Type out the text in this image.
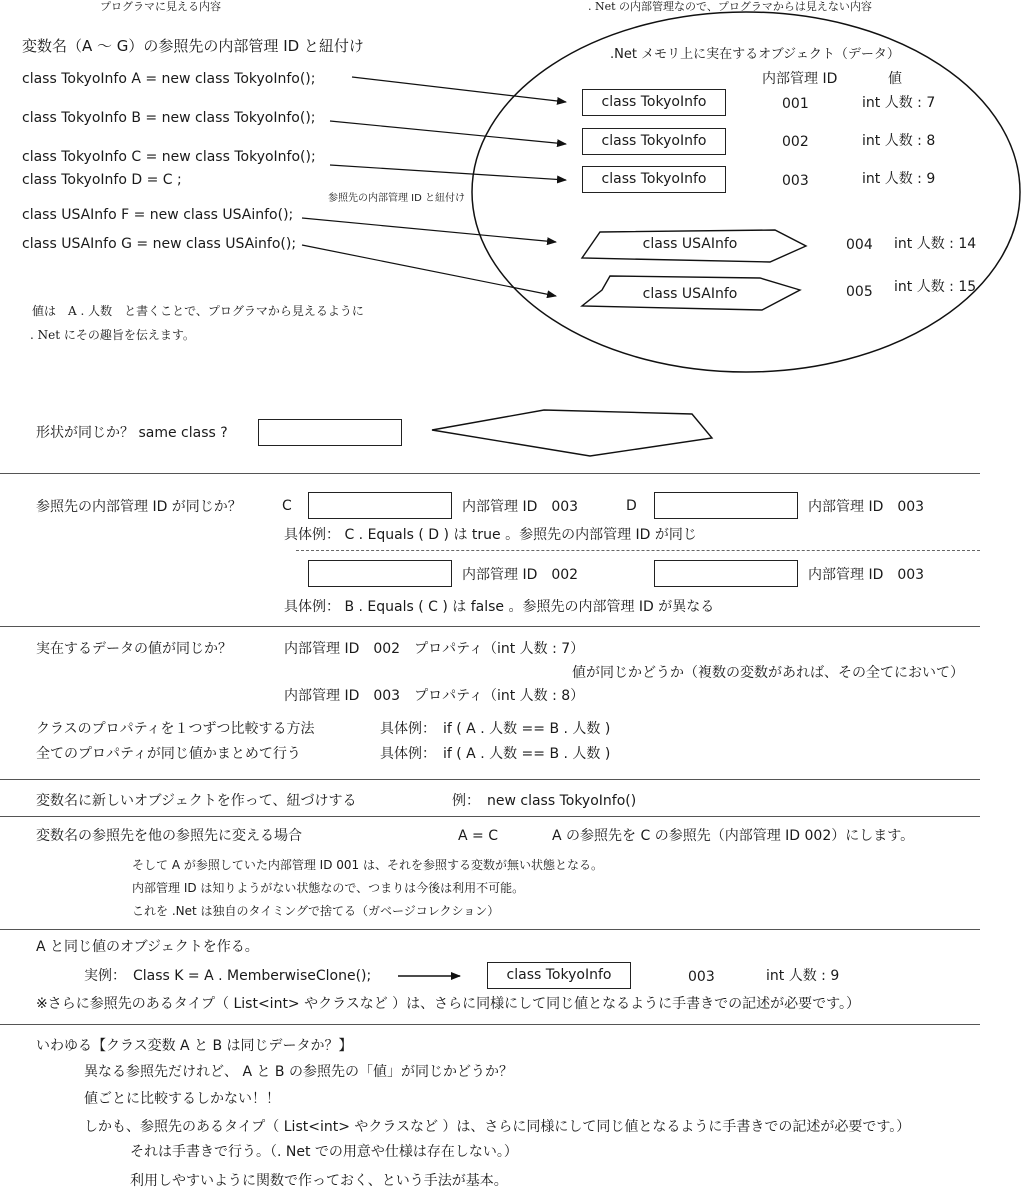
プログラマに見える内容	. Net の内部管理なので、プログラマからは見えない内容
変数名（A ～ G）の参照先の内部管理 ID と紐付け
class TokyoInfo A = new class TokyoInfo();
class TokyoInfo B = new class TokyoInfo();
class TokyoInfo C = new class TokyoInfo();
class TokyoInfo D = C ;
参照先の内部管理 ID と紐付け
class USAInfo F = new class USAinfo();
class USAInfo G = new class USAinfo();
値は　A . 人数　と書くことで、プログラマから見えるように
. Net にその趣旨を伝えます。
.Net メモリ上に実在するオブジェクト（データ）
内部管理 ID	値
class TokyoInfo	001	int 人数 : 7
class TokyoInfo	002	int 人数 : 8
class TokyoInfo	003	int 人数 : 9
class USAInfo	004 int 人数 : 14
class USAInfo	005 int 人数 : 15
形状が同じか？ same class ?
参照先の内部管理 ID が同じか？	C	内部管理 ID　003	D	内部管理 ID　003
具体例： C . Equals ( D ) は true 。参照先の内部管理 ID が同じ
内部管理 ID　002	内部管理 ID　003
具体例： B . Equals ( C ) は false 。参照先の内部管理 ID が異なる
実在するデータの値が同じか？	内部管理 ID　002　プロパティ（int 人数 : 7）
値が同じかどうか（複数の変数があれば、その全てにおいて）
内部管理 ID　003　プロパティ（int 人数 : 8）
クラスのプロパティを１つずつ比較する方法	具体例：　if ( A . 人数 == B . 人数 )
全てのプロパティが同じ値かまとめて行う	具体例：　if ( A . 人数 == B . 人数 )
変数名に新しいオブジェクトを作って、紐づけする	例：　new class TokyoInfo()
変数名の参照先を他の参照先に変える場合	A = C	A の参照先を C の参照先（内部管理 ID 002）にします。
そして A が参照していた内部管理 ID 001 は、それを参照する変数が無い状態となる。
内部管理 ID は知りようがない状態なので、つまりは今後は利用不可能。
これを .Net は独自のタイミングで捨てる（ガベージコレクション）
A と同じ値のオブジェクトを作る。
実例：　Class K = A . MemberwiseClone();	class TokyoInfo	003	int 人数 : 9
※さらに参照先のあるタイプ（ List<int> やクラスなど ）は、さらに同様にして同じ値となるように手書きでの記述が必要です。）
いわゆる【クラス変数 A と B は同じデータか？】
異なる参照先だけれど、 A と B の参照先の「値」が同じかどうか？
値ごとに比較するしかない！！
しかも、参照先のあるタイプ（ List<int> やクラスなど ）は、さらに同様にして同じ値となるように手書きでの記述が必要です。）
それは手書きで行う。（. Net での用意や仕様は存在しない。）
利用しやすいように関数で作っておく、という手法が基本。
